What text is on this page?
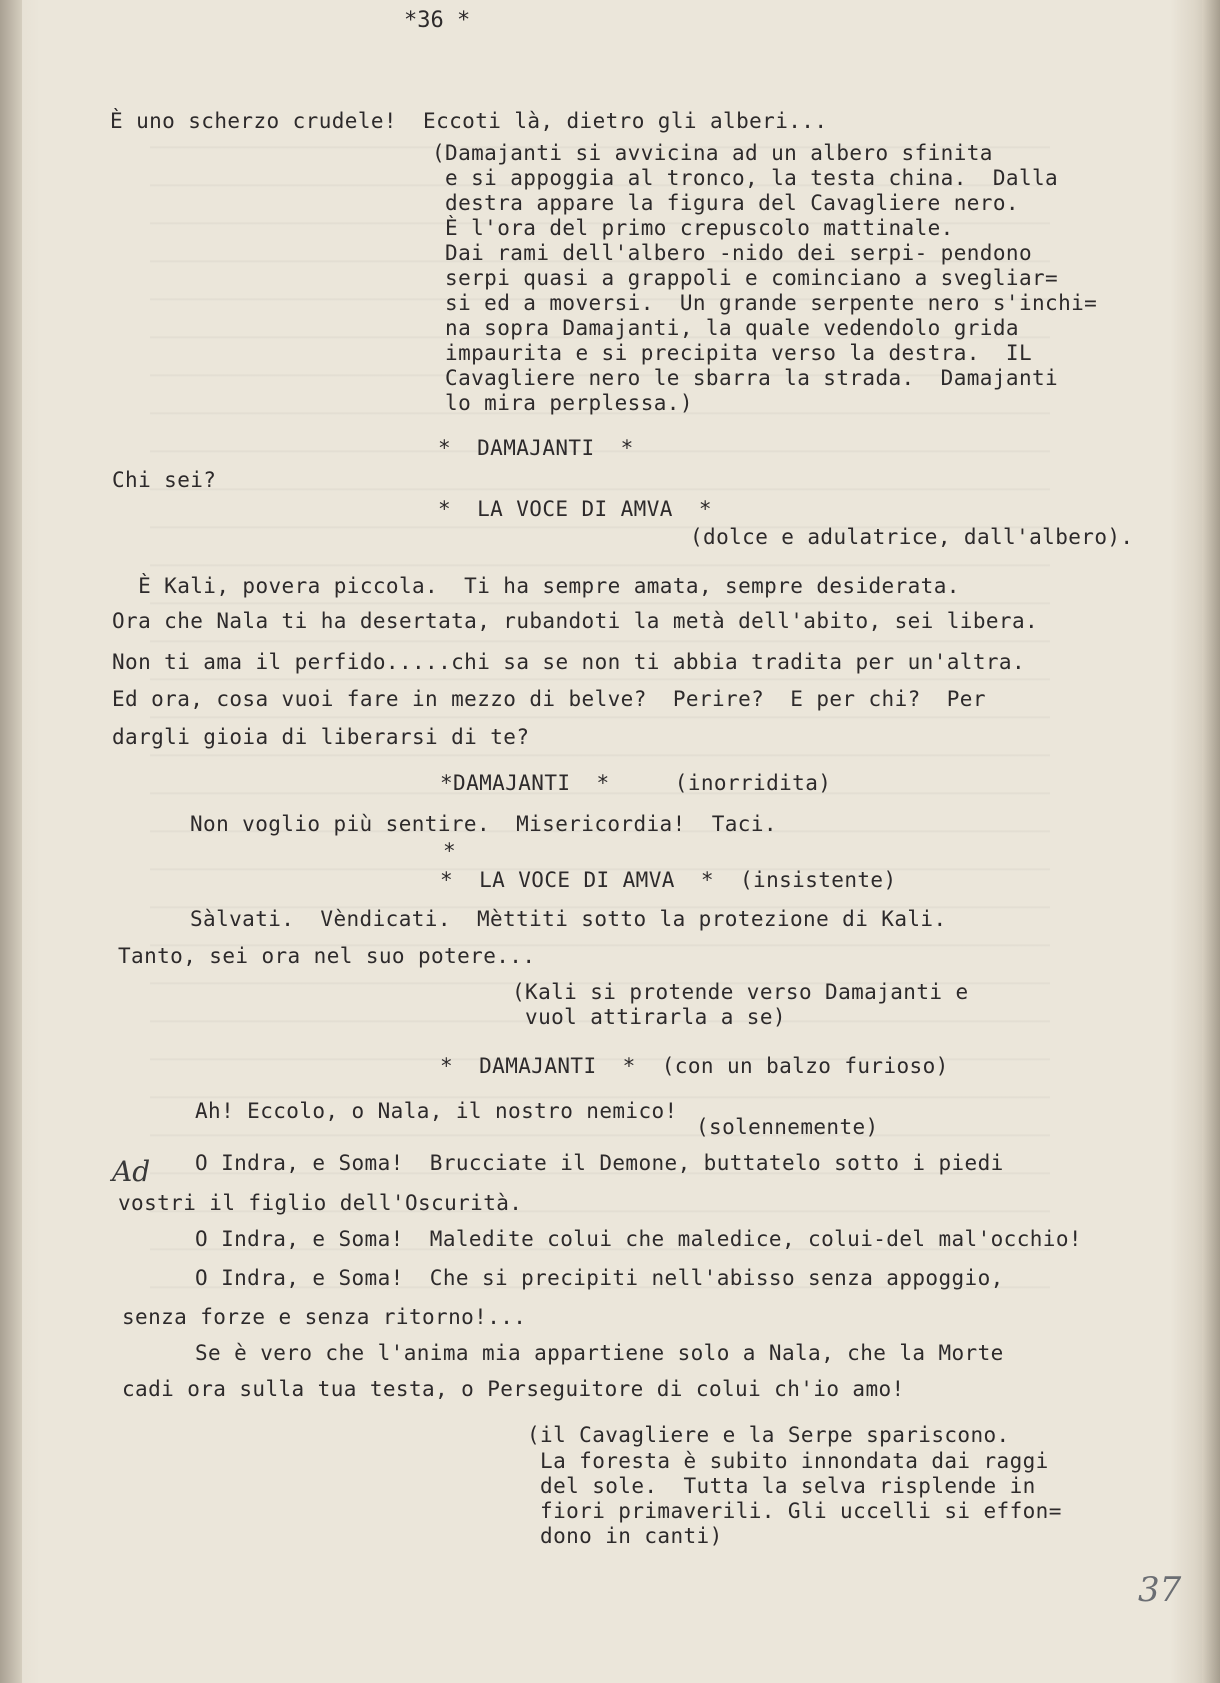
*36 *
È uno scherzo crudele!  Eccoti là, dietro gli alberi...
(Damajanti si avvicina ad un albero sfinita
e si appoggia al tronco, la testa china.  Dalla
destra appare la figura del Cavagliere nero.
È l'ora del primo crepuscolo mattinale.
Dai rami dell'albero -nido dei serpi- pendono
serpi quasi a grappoli e cominciano a svegliar=
si ed a moversi.  Un grande serpente nero s'inchi=
na sopra Damajanti, la quale vedendolo grida
impaurita e si precipita verso la destra.  IL
Cavagliere nero le sbarra la strada.  Damajanti
lo mira perplessa.)
*  DAMAJANTI  *
Chi sei?
*  LA VOCE DI AMVA  *
(dolce e adulatrice, dall'albero).
È Kali, povera piccola.  Ti ha sempre amata, sempre desiderata.
Ora che Nala ti ha desertata, rubandoti la metà dell'abito, sei libera.
Non ti ama il perfido.....chi sa se non ti abbia tradita per un'altra.
Ed ora, cosa vuoi fare in mezzo di belve?  Perire?  E per chi?  Per
dargli gioia di liberarsi di te?
*DAMAJANTI  *     (inorridita)
Non voglio più sentire.  Misericordia!  Taci.
*
*  LA VOCE DI AMVA  *  (insistente)
Sàlvati.  Vèndicati.  Mèttiti sotto la protezione di Kali.
Tanto, sei ora nel suo potere...
(Kali si protende verso Damajanti e
vuol attirarla a se)
*  DAMAJANTI  *  (con un balzo furioso)
Ah! Eccolo, o Nala, il nostro nemico!
(solennemente)
Ad O Indra, e Soma!  Brucciate il Demone, buttatelo sotto i piedi
vostri il figlio dell'Oscurità.
O Indra, e Soma!  Maledite colui che maledice, colui-del mal'occhio!
O Indra, e Soma!  Che si precipiti nell'abisso senza appoggio,
senza forze e senza ritorno!...
Se è vero che l'anima mia appartiene solo a Nala, che la Morte
cadi ora sulla tua testa, o Perseguitore di colui ch'io amo!
(il Cavagliere e la Serpe spariscono.
La foresta è subito innondata dai raggi
del sole.  Tutta la selva risplende in
fiori primaverili. Gli uccelli si effon=
dono in canti)
37
